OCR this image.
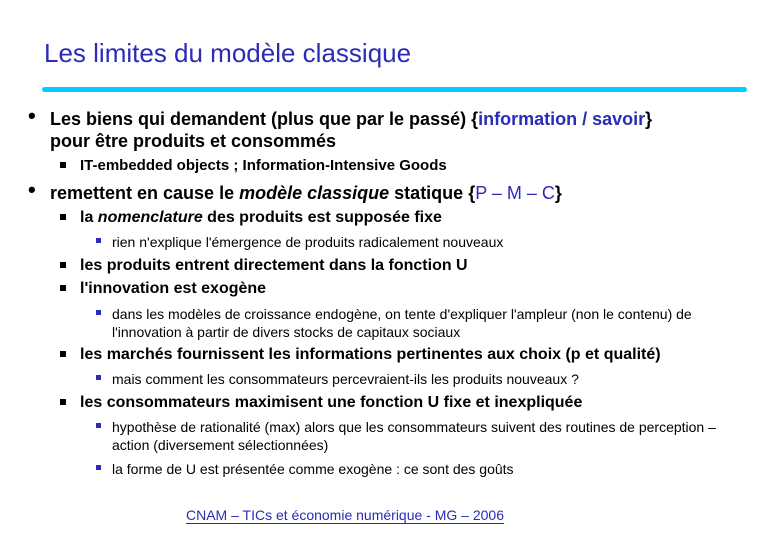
Les limites du modèle classique
• Les biens qui demandent (plus que par le passé) {information / savoir}
pour être produits et consommés
IT-embedded objects ; Information-Intensive Goods
• remettent en cause le modèle classique statique {P – M – C}
la nomenclature des produits est supposée fixe
rien n'explique l'émergence de produits radicalement nouveaux
les produits entrent directement dans la fonction U
l'innovation est exogène
dans les modèles de croissance endogène, on tente d'expliquer l'ampleur (non le contenu) de l'innovation à partir de divers stocks de capitaux sociaux
les marchés fournissent les informations pertinentes aux choix (p et qualité)
mais comment les consommateurs percevraient-ils les produits nouveaux ?
les consommateurs maximisent une fonction U fixe et inexpliquée
hypothèse de rationalité (max) alors que les consommateurs suivent des routines de perception – action (diversement sélectionnées)
la forme de U est présentée comme exogène : ce sont des goûts
CNAM – TICs et économie numérique - MG – 2006
